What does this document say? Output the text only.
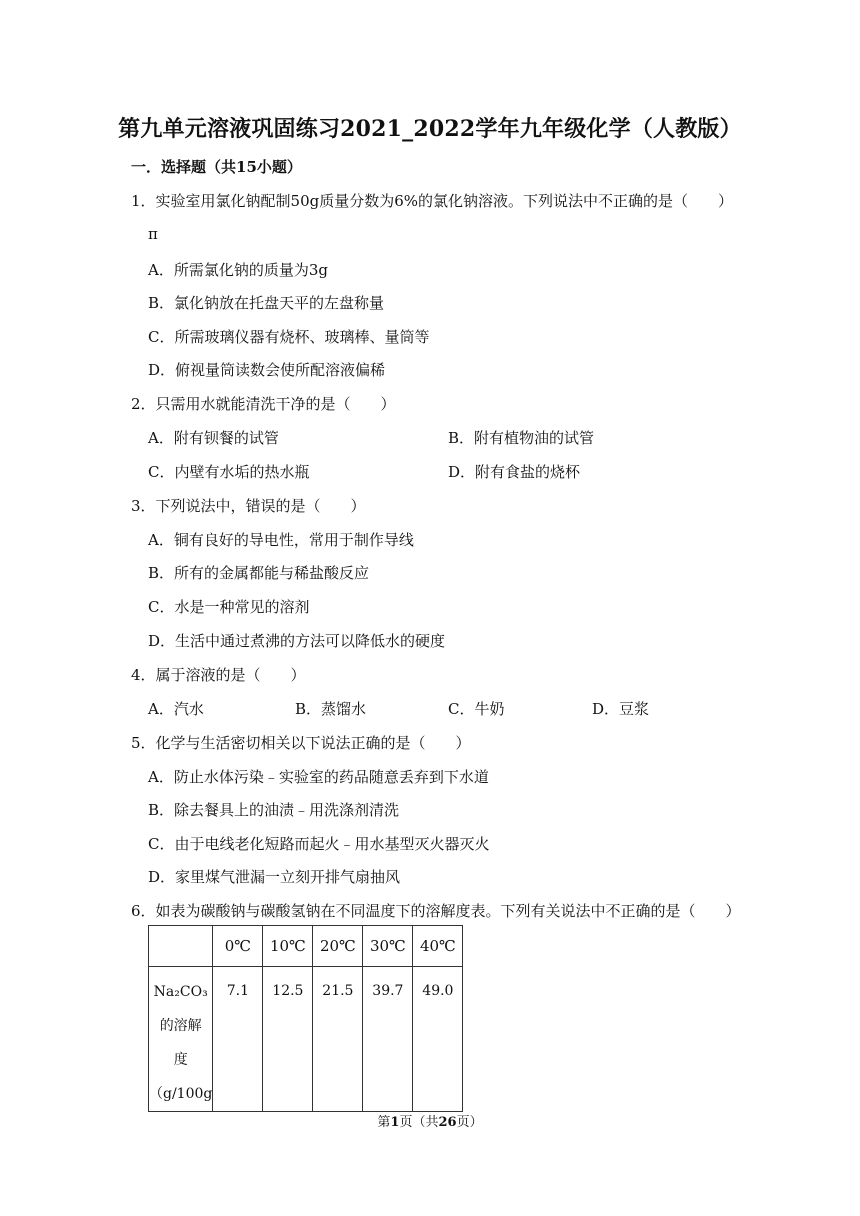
第九单元溶液巩固练习2021_2022学年九年级化学（人教版）
一．选择题（共15小题）
1．实验室用氯化钠配制50g质量分数为6%的氯化钠溶液。下列说法中不正确的是（　　）
π
A．所需氯化钠的质量为3g
B．氯化钠放在托盘天平的左盘称量
C．所需玻璃仪器有烧杯、玻璃棒、量筒等
D．俯视量筒读数会使所配溶液偏稀
2．只需用水就能清洗干净的是（　　）
A．附有钡餐的试管	B．附有植物油的试管
C．内壁有水垢的热水瓶	D．附有食盐的烧杯
3．下列说法中，错误的是（　　）
A．铜有良好的导电性，常用于制作导线
B．所有的金属都能与稀盐酸反应
C．水是一种常见的溶剂
D．生活中通过煮沸的方法可以降低水的硬度
4．属于溶液的是（　　）
A．汽水	B．蒸馏水	C．牛奶	D．豆浆
5．化学与生活密切相关以下说法正确的是（　　）
A．防止水体污染﹣实验室的药品随意丢弃到下水道
B．除去餐具上的油渍﹣用洗涤剂清洗
C．由于电线老化短路而起火﹣用水基型灭火器灭火
D．家里煤气泄漏一立刻开排气扇抽风
6．如表为碳酸钠与碳酸氢钠在不同温度下的溶解度表。下列有关说法中不正确的是（　　）
	0℃	10℃	20℃	30℃	40℃

Na₂CO₃
的溶解
度
（g/100g	7.1	12.5	21.5	39.7	49.0
第1页（共26页）
